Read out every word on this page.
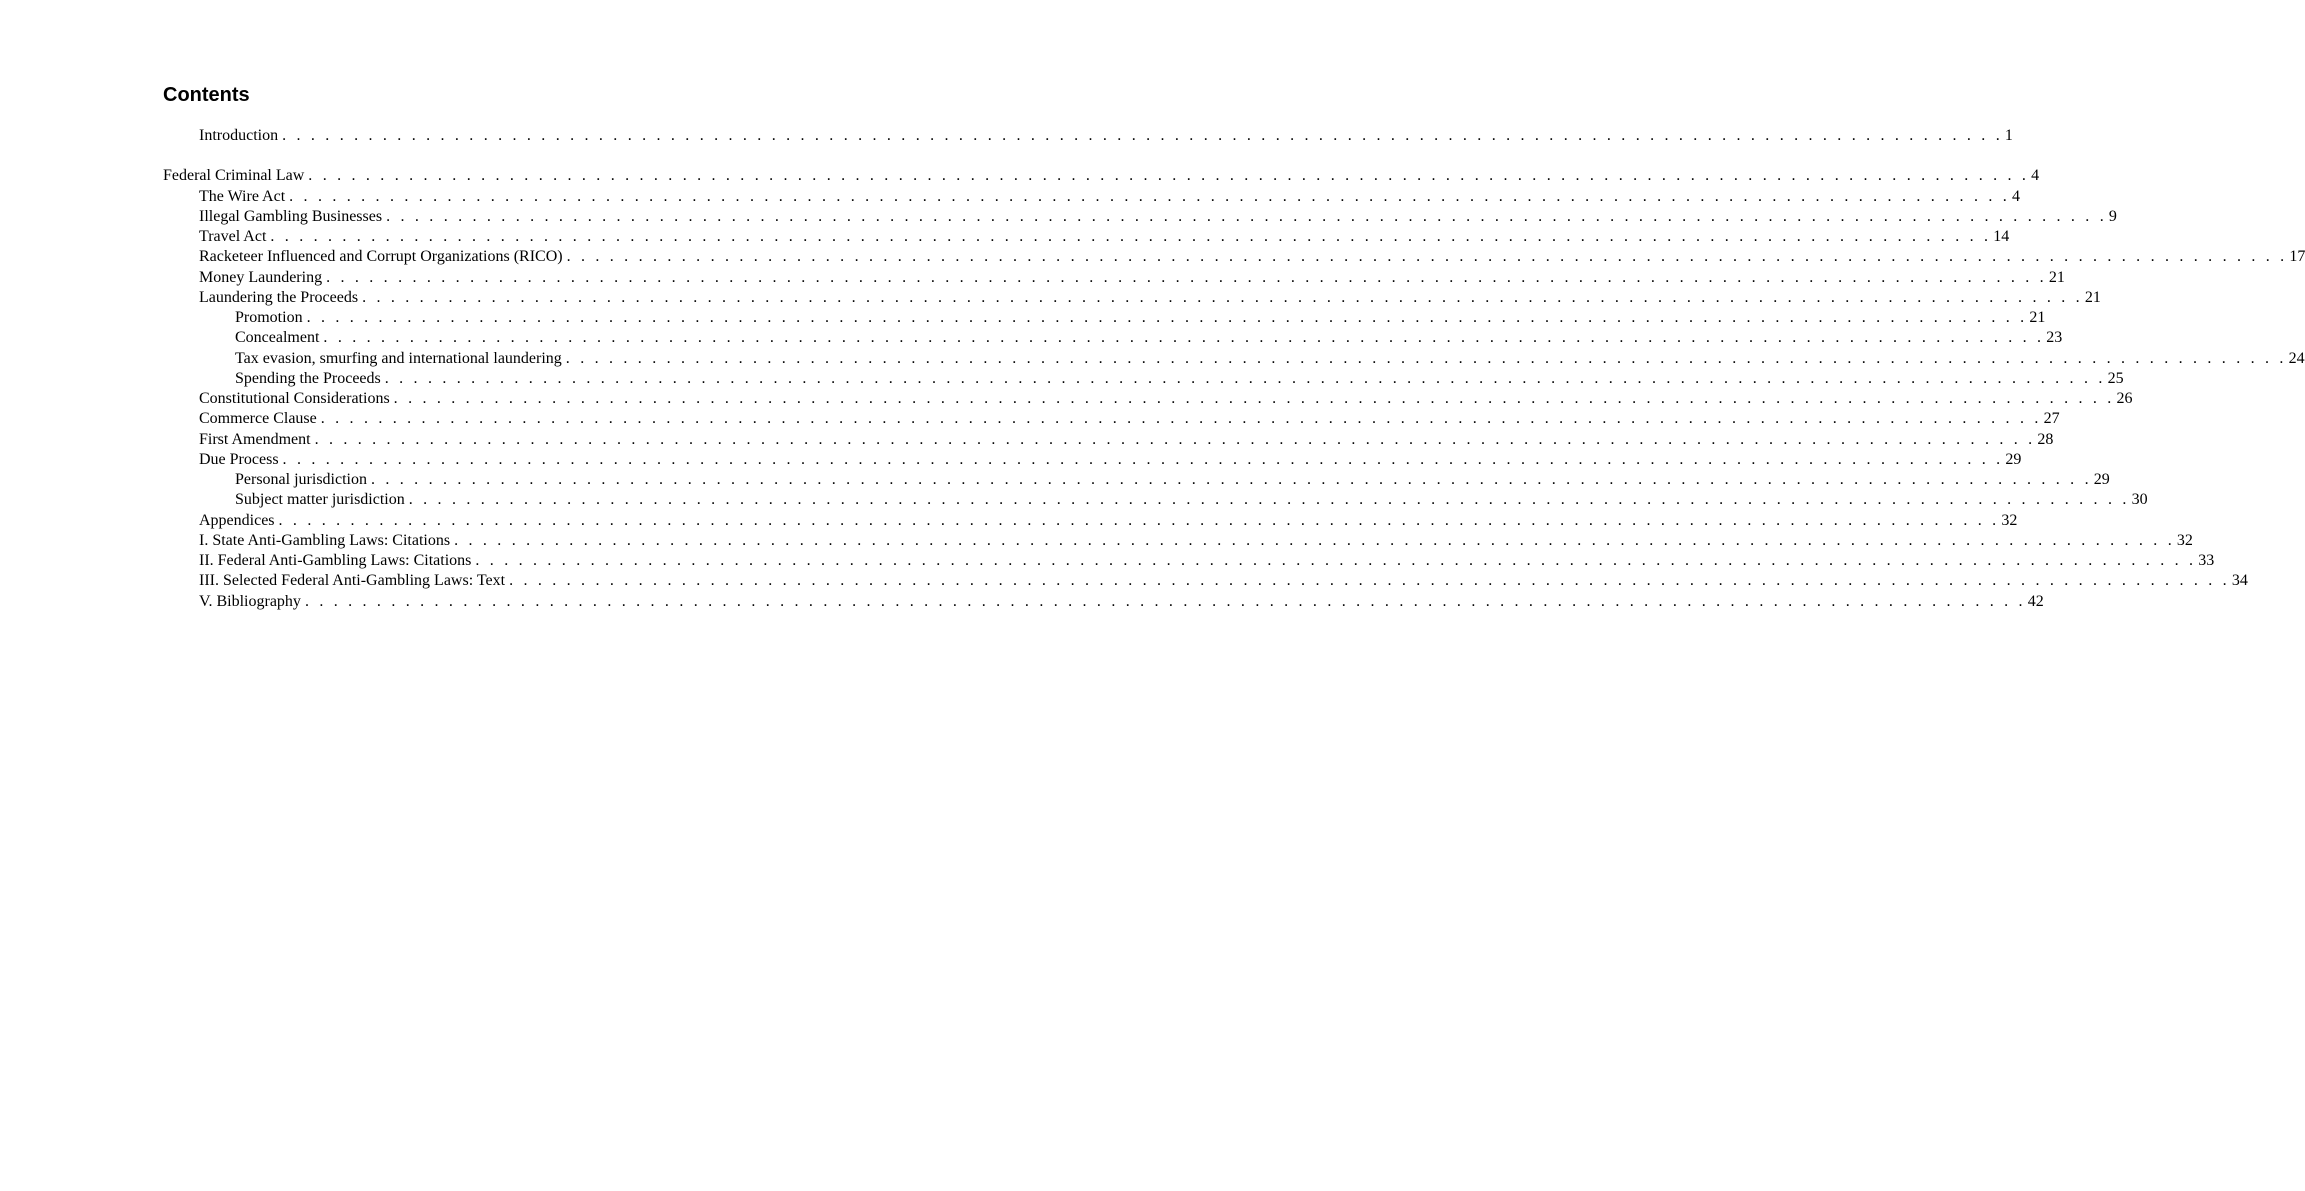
Contents
Introduction . . . . . . . . . . . . . . . . . . . . . . . . . . . . . . . . . . . . . . . . . . . . . . . . . . . . . . . . . . . . . . . . . . . . . . . . . . . . . . . . . . . . . . . . . . . . . . . . . . . . . . . . . . . . . . . . . . . . . . . . 1
Federal Criminal Law . . . . . . . . . . . . . . . . . . . . . . . . . . . . . . . . . . . . . . . . . . . . . . . . . . . . . . . . . . . . . . . . . . . . . . . . . . . . . . . . . . . . . . . . . . . . . . . . . . . . . . . . . . . . . . . . . . . . . . . . 4
The Wire Act . . . . . . . . . . . . . . . . . . . . . . . . . . . . . . . . . . . . . . . . . . . . . . . . . . . . . . . . . . . . . . . . . . . . . . . . . . . . . . . . . . . . . . . . . . . . . . . . . . . . . . . . . . . . . . . . . . . . . . . . 4
Illegal Gambling Businesses . . . . . . . . . . . . . . . . . . . . . . . . . . . . . . . . . . . . . . . . . . . . . . . . . . . . . . . . . . . . . . . . . . . . . . . . . . . . . . . . . . . . . . . . . . . . . . . . . . . . . . . . . . . . . . . . . . . . . . . . 9
Travel Act . . . . . . . . . . . . . . . . . . . . . . . . . . . . . . . . . . . . . . . . . . . . . . . . . . . . . . . . . . . . . . . . . . . . . . . . . . . . . . . . . . . . . . . . . . . . . . . . . . . . . . . . . . . . . . . . . . . . . . . . 14
Racketeer Influenced and Corrupt Organizations (RICO) . . . . . . . . . . . . . . . . . . . . . . . . . . . . . . . . . . . . . . . . . . . . . . . . . . . . . . . . . . . . . . . . . . . . . . . . . . . . . . . . . . . . . . . . . . . . . . . . . . . . . . . . . . . . . . . . . . . . . . . . 17
Money Laundering . . . . . . . . . . . . . . . . . . . . . . . . . . . . . . . . . . . . . . . . . . . . . . . . . . . . . . . . . . . . . . . . . . . . . . . . . . . . . . . . . . . . . . . . . . . . . . . . . . . . . . . . . . . . . . . . . . . . . . . . 21
Laundering the Proceeds . . . . . . . . . . . . . . . . . . . . . . . . . . . . . . . . . . . . . . . . . . . . . . . . . . . . . . . . . . . . . . . . . . . . . . . . . . . . . . . . . . . . . . . . . . . . . . . . . . . . . . . . . . . . . . . . . . . . . . . . 21
Promotion . . . . . . . . . . . . . . . . . . . . . . . . . . . . . . . . . . . . . . . . . . . . . . . . . . . . . . . . . . . . . . . . . . . . . . . . . . . . . . . . . . . . . . . . . . . . . . . . . . . . . . . . . . . . . . . . . . . . . . . . 21
Concealment . . . . . . . . . . . . . . . . . . . . . . . . . . . . . . . . . . . . . . . . . . . . . . . . . . . . . . . . . . . . . . . . . . . . . . . . . . . . . . . . . . . . . . . . . . . . . . . . . . . . . . . . . . . . . . . . . . . . . . . . 23
Tax evasion, smurfing and international laundering . . . . . . . . . . . . . . . . . . . . . . . . . . . . . . . . . . . . . . . . . . . . . . . . . . . . . . . . . . . . . . . . . . . . . . . . . . . . . . . . . . . . . . . . . . . . . . . . . . . . . . . . . . . . . . . . . . . . . . . . 24
Spending the Proceeds . . . . . . . . . . . . . . . . . . . . . . . . . . . . . . . . . . . . . . . . . . . . . . . . . . . . . . . . . . . . . . . . . . . . . . . . . . . . . . . . . . . . . . . . . . . . . . . . . . . . . . . . . . . . . . . . . . . . . . . . 25
Constitutional Considerations . . . . . . . . . . . . . . . . . . . . . . . . . . . . . . . . . . . . . . . . . . . . . . . . . . . . . . . . . . . . . . . . . . . . . . . . . . . . . . . . . . . . . . . . . . . . . . . . . . . . . . . . . . . . . . . . . . . . . . . . 26
Commerce Clause . . . . . . . . . . . . . . . . . . . . . . . . . . . . . . . . . . . . . . . . . . . . . . . . . . . . . . . . . . . . . . . . . . . . . . . . . . . . . . . . . . . . . . . . . . . . . . . . . . . . . . . . . . . . . . . . . . . . . . . . 27
First Amendment . . . . . . . . . . . . . . . . . . . . . . . . . . . . . . . . . . . . . . . . . . . . . . . . . . . . . . . . . . . . . . . . . . . . . . . . . . . . . . . . . . . . . . . . . . . . . . . . . . . . . . . . . . . . . . . . . . . . . . . . 28
Due Process . . . . . . . . . . . . . . . . . . . . . . . . . . . . . . . . . . . . . . . . . . . . . . . . . . . . . . . . . . . . . . . . . . . . . . . . . . . . . . . . . . . . . . . . . . . . . . . . . . . . . . . . . . . . . . . . . . . . . . . . 29
Personal jurisdiction . . . . . . . . . . . . . . . . . . . . . . . . . . . . . . . . . . . . . . . . . . . . . . . . . . . . . . . . . . . . . . . . . . . . . . . . . . . . . . . . . . . . . . . . . . . . . . . . . . . . . . . . . . . . . . . . . . . . . . . . 29
Subject matter jurisdiction . . . . . . . . . . . . . . . . . . . . . . . . . . . . . . . . . . . . . . . . . . . . . . . . . . . . . . . . . . . . . . . . . . . . . . . . . . . . . . . . . . . . . . . . . . . . . . . . . . . . . . . . . . . . . . . . . . . . . . . . 30
Appendices . . . . . . . . . . . . . . . . . . . . . . . . . . . . . . . . . . . . . . . . . . . . . . . . . . . . . . . . . . . . . . . . . . . . . . . . . . . . . . . . . . . . . . . . . . . . . . . . . . . . . . . . . . . . . . . . . . . . . . . . 32
I. State Anti-Gambling Laws: Citations . . . . . . . . . . . . . . . . . . . . . . . . . . . . . . . . . . . . . . . . . . . . . . . . . . . . . . . . . . . . . . . . . . . . . . . . . . . . . . . . . . . . . . . . . . . . . . . . . . . . . . . . . . . . . . . . . . . . . . . . 32
II. Federal Anti-Gambling Laws: Citations . . . . . . . . . . . . . . . . . . . . . . . . . . . . . . . . . . . . . . . . . . . . . . . . . . . . . . . . . . . . . . . . . . . . . . . . . . . . . . . . . . . . . . . . . . . . . . . . . . . . . . . . . . . . . . . . . . . . . . . . 33
III. Selected Federal Anti-Gambling Laws: Text . . . . . . . . . . . . . . . . . . . . . . . . . . . . . . . . . . . . . . . . . . . . . . . . . . . . . . . . . . . . . . . . . . . . . . . . . . . . . . . . . . . . . . . . . . . . . . . . . . . . . . . . . . . . . . . . . . . . . . . . 34
V. Bibliography . . . . . . . . . . . . . . . . . . . . . . . . . . . . . . . . . . . . . . . . . . . . . . . . . . . . . . . . . . . . . . . . . . . . . . . . . . . . . . . . . . . . . . . . . . . . . . . . . . . . . . . . . . . . . . . . . . . . . . . . 42
